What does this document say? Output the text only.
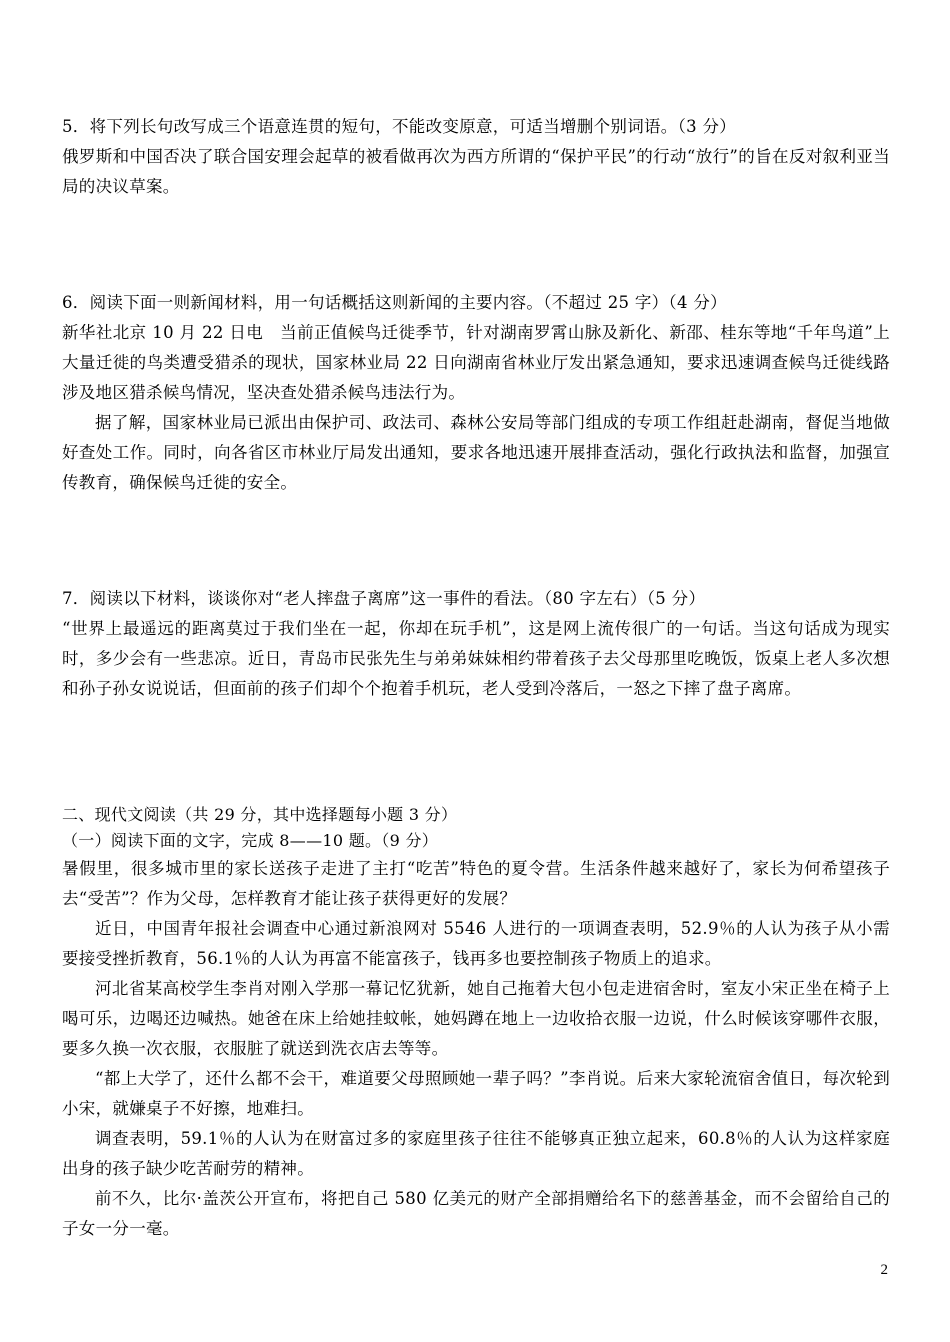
5．将下列长句改写成三个语意连贯的短句，不能改变原意，可适当增删个别词语。（3 分）
俄罗斯和中国否决了联合国安理会起草的被看做再次为西方所谓的“保护平民”的行动“放行”的旨在反对叙利亚当局的决议草案。
6．阅读下面一则新闻材料，用一句话概括这则新闻的主要内容。（不超过 25 字）（4 分）
新华社北京 10 月 22 日电　当前正值候鸟迁徙季节，针对湖南罗霄山脉及新化、新邵、桂东等地“千年鸟道”上大量迁徙的鸟类遭受猎杀的现状，国家林业局 22 日向湖南省林业厅发出紧急通知，要求迅速调查候鸟迁徙线路涉及地区猎杀候鸟情况，坚决查处猎杀候鸟违法行为。
据了解，国家林业局已派出由保护司、政法司、森林公安局等部门组成的专项工作组赶赴湖南，督促当地做好查处工作。同时，向各省区市林业厅局发出通知，要求各地迅速开展排查活动，强化行政执法和监督，加强宣传教育，确保候鸟迁徙的安全。
7．阅读以下材料，谈谈你对“老人摔盘子离席”这一事件的看法。（80 字左右）（5 分）
“世界上最遥远的距离莫过于我们坐在一起，你却在玩手机”，这是网上流传很广的一句话。当这句话成为现实时，多少会有一些悲凉。近日，青岛市民张先生与弟弟妹妹相约带着孩子去父母那里吃晚饭，饭桌上老人多次想和孙子孙女说说话，但面前的孩子们却个个抱着手机玩，老人受到冷落后，一怒之下摔了盘子离席。
二、现代文阅读（共 29 分，其中选择题每小题 3 分）
（一）阅读下面的文字，完成 8——10 题。（9 分）
暑假里，很多城市里的家长送孩子走进了主打“吃苦”特色的夏令营。生活条件越来越好了，家长为何希望孩子去“受苦”？作为父母，怎样教育才能让孩子获得更好的发展？
近日，中国青年报社会调查中心通过新浪网对 5546 人进行的一项调查表明，52.9％的人认为孩子从小需要接受挫折教育，56.1％的人认为再富不能富孩子，钱再多也要控制孩子物质上的追求。
河北省某高校学生李肖对刚入学那一幕记忆犹新，她自己拖着大包小包走进宿舍时，室友小宋正坐在椅子上喝可乐，边喝还边喊热。她爸在床上给她挂蚊帐，她妈蹲在地上一边收拾衣服一边说，什么时候该穿哪件衣服，要多久换一次衣服，衣服脏了就送到洗衣店去等等。
“都上大学了，还什么都不会干，难道要父母照顾她一辈子吗？”李肖说。后来大家轮流宿舍值日，每次轮到小宋，就嫌桌子不好擦，地难扫。
调查表明，59.1％的人认为在财富过多的家庭里孩子往往不能够真正独立起来，60.8％的人认为这样家庭出身的孩子缺少吃苦耐劳的精神。
前不久，比尔·盖茨公开宣布，将把自己 580 亿美元的财产全部捐赠给名下的慈善基金，而不会留给自己的子女一分一毫。
2
